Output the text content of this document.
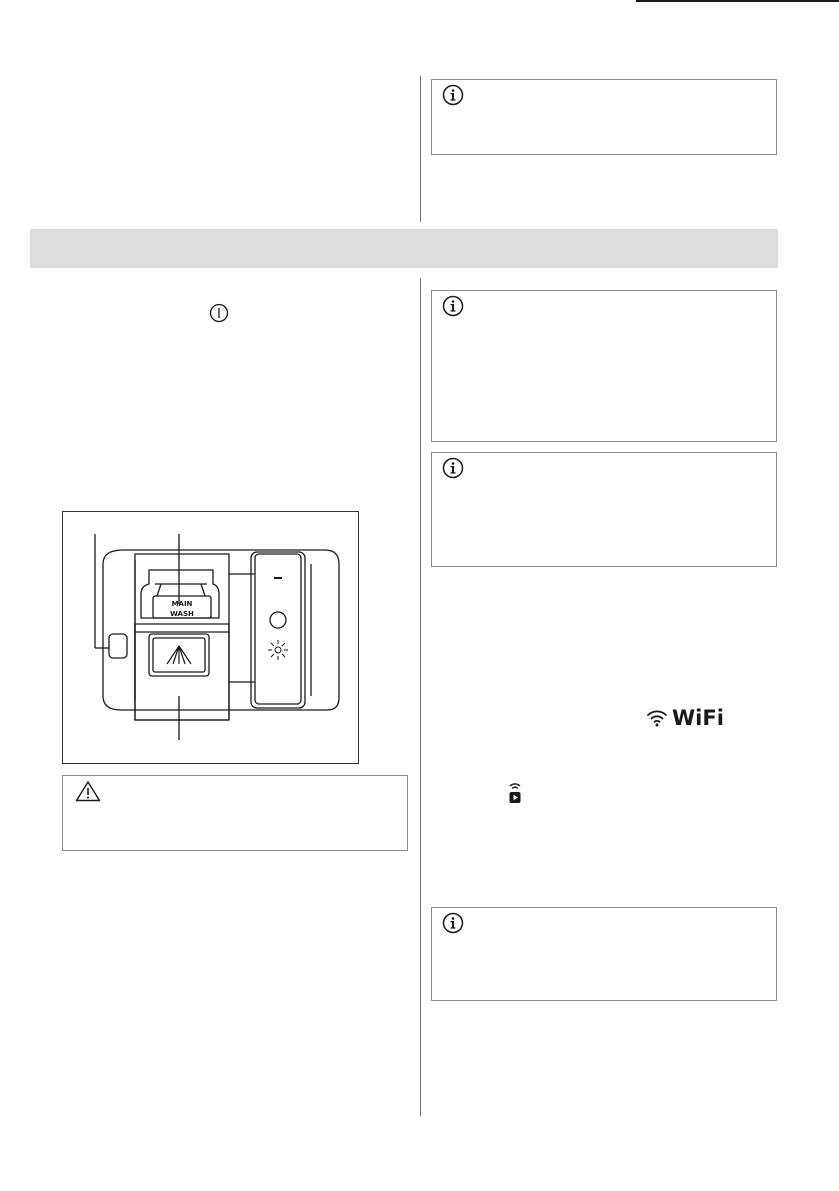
WiFi
MAIN
WASH
